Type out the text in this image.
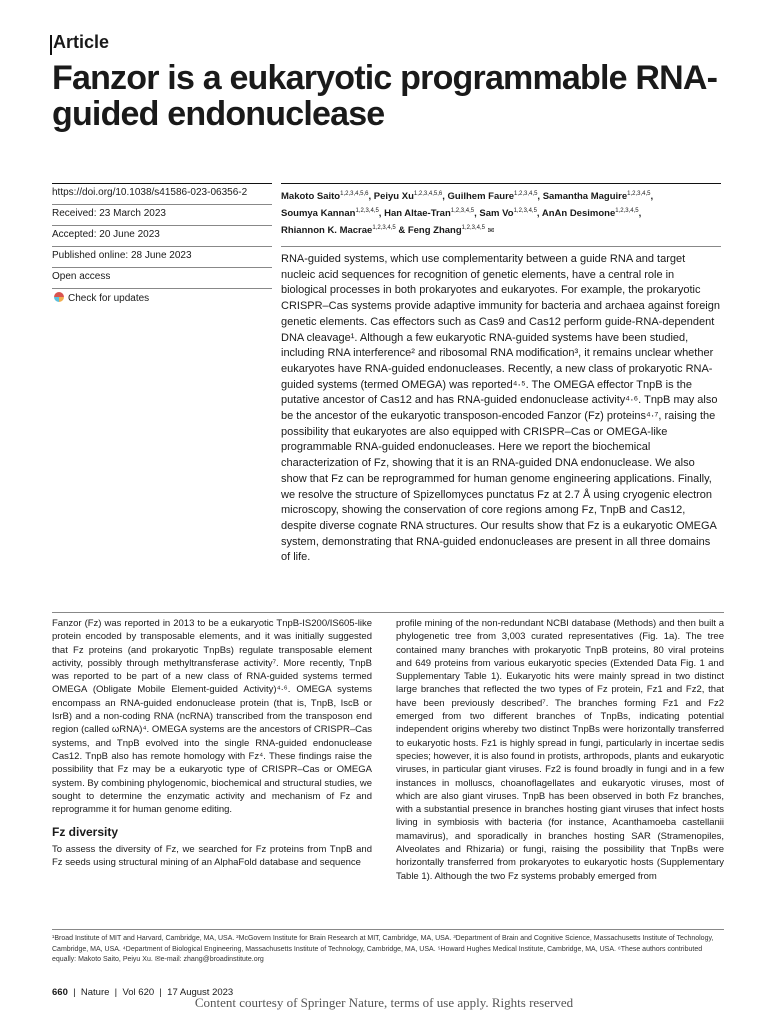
Article
Fanzor is a eukaryotic programmable RNA-guided endonuclease
https://doi.org/10.1038/s41586-023-06356-2
Received: 23 March 2023
Accepted: 20 June 2023
Published online: 28 June 2023
Open access
Check for updates
Makoto Saito$^{1,2,3,4,5,6}$, Peiyu Xu$^{1,2,3,4,5,6}$, Guilhem Faure$^{1,2,3,4,5}$, Samantha Maguire$^{1,2,3,4,5}$,
Soumya Kannan$^{1,2,3,4,5}$, Han Altae-Tran$^{1,2,3,4,5}$, Sam Vo$^{1,2,3,4,5}$, AnAn Desimone$^{1,2,3,4,5}$,
Rhiannon K. Macrae$^{1,2,3,4,5}$ & Feng Zhang$^{1,2,3,4,5}$ ✉

RNA-guided systems, which use complementarity between a guide RNA and target nucleic acid sequences for recognition of genetic elements, have a central role in biological processes in both prokaryotes and eukaryotes. For example, the prokaryotic CRISPR–Cas systems provide adaptive immunity for bacteria and archaea against foreign genetic elements. Cas effectors such as Cas9 and Cas12 perform guide-RNA-dependent DNA cleavage¹. Although a few eukaryotic RNA-guided systems have been studied, including RNA interference² and ribosomal RNA modification³, it remains unclear whether eukaryotes have RNA-guided endonucleases. Recently, a new class of prokaryotic RNA-guided systems (termed OMEGA) was reported⁴·⁵. The OMEGA effector TnpB is the putative ancestor of Cas12 and has RNA-guided endonuclease activity⁴·⁶. TnpB may also be the ancestor of the eukaryotic transposon-encoded Fanzor (Fz) proteins⁴·⁷, raising the possibility that eukaryotes are also equipped with CRISPR–Cas or OMEGA-like programmable RNA-guided endonucleases. Here we report the biochemical characterization of Fz, showing that it is an RNA-guided DNA endonuclease. We also show that Fz can be reprogrammed for human genome engineering applications. Finally, we resolve the structure of Spizellomyces punctatus Fz at 2.7 Å using cryogenic electron microscopy, showing the conservation of core regions among Fz, TnpB and Cas12, despite diverse cognate RNA structures. Our results show that Fz is a eukaryotic OMEGA system, demonstrating that RNA-guided endonucleases are present in all three domains of life.

Fanzor (Fz) was reported in 2013 to be a eukaryotic TnpB-IS200/IS605-like protein encoded by transposable elements, and it was initially suggested that Fz proteins (and prokaryotic TnpBs) regulate transposable element activity, possibly through methyltransferase activity⁷. More recently, TnpB was reported to be part of a new class of RNA-guided systems termed OMEGA (Obligate Mobile Element-guided Activity)⁴·⁶. OMEGA systems encompass an RNA-guided endonuclease protein (that is, TnpB, IscB or IsrB) and a non-coding RNA (ncRNA) transcribed from the transposon end region (called ωRNA)⁴. OMEGA systems are the ancestors of CRISPR–Cas systems, and TnpB evolved into the single RNA-guided endonuclease Cas12. TnpB also has remote homology with Fz⁴. These findings raise the possibility that Fz may be a eukaryotic type of CRISPR–Cas or OMEGA system. By combining phylogenomic, biochemical and structural studies, we sought to determine the enzymatic activity and mechanism of Fz and reprogramme it for human genome editing.

Fz diversity

To assess the diversity of Fz, we searched for Fz proteins from TnpB and Fz seeds using structural mining of an AlphaFold database and sequence

profile mining of the non-redundant NCBI database (Methods) and then built a phylogenetic tree from 3,003 curated representatives (Fig. 1a). The tree contained many branches with prokaryotic TnpB proteins, 80 viral proteins and 649 proteins from various eukaryotic species (Extended Data Fig. 1 and Supplementary Table 1). Eukaryotic hits were mainly spread in two distinct large branches that reflected the two types of Fz protein, Fz1 and Fz2, that have been previously described⁷. The branches forming Fz1 and Fz2 emerged from two different branches of TnpBs, indicating potential independent origins whereby two distinct TnpBs were horizontally transferred to eukaryotic hosts. Fz1 is highly spread in fungi, particularly in incertae sedis species; however, it is also found in protists, arthropods, plants and eukaryotic viruses, in particular giant viruses. Fz2 is found broadly in fungi and in a few instances in molluscs, choanoflagellates and eukaryotic viruses, most of which are also giant viruses. TnpB has been observed in both Fz branches, with a substantial presence in branches hosting giant viruses that infect hosts living in symbiosis with bacteria (for instance, Acanthamoeba castellanii mamavirus), and sporadically in branches hosting SAR (Stramenopiles, Alveolates and Rhizaria) or fungi, raising the possibility that TnpBs were horizontally transferred from prokaryotes to eukaryotic hosts (Supplementary Table 1). Although the two Fz systems probably emerged from

¹Broad Institute of MIT and Harvard, Cambridge, MA, USA. ²McGovern Institute for Brain Research at MIT, Cambridge, MA, USA. ³Department of Brain and Cognitive Science, Massachusetts Institute of Technology, Cambridge, MA, USA. ⁴Department of Biological Engineering, Massachusetts Institute of Technology, Cambridge, MA, USA. ⁵Howard Hughes Medical Institute, Cambridge, MA, USA. ⁶These authors contributed equally: Makoto Saito, Peiyu Xu. ✉e-mail: zhang@broadinstitute.org
660  |  Nature  |  Vol 620  |  17 August 2023
Content courtesy of Springer Nature, terms of use apply. Rights reserved
